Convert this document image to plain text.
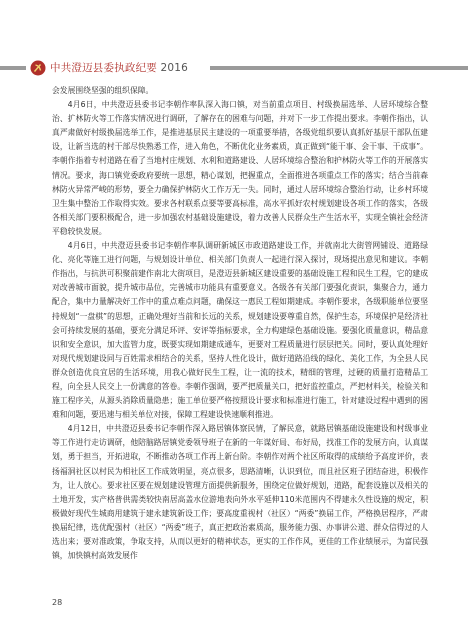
中共澄迈县委执政纪要 2016

会发展围绕坚强的组织保障。

4月6日，中共澄迈县委书记李朝作率队深入海口镇，对当前重点项目、村级换届选举、人居环境综合整治、扩林防火等工作落实情况进行调研，了解存在的困难与问题，并对下一步工作提出要求。李朝作指出，认真严肃做好村级换届选举工作，是推进基层民主建设的一项重要举措，各级党组织要认真抓好基层干部队伍建设，让新当选的村干部尽快熟悉工作，进入角色，不断优化业务素质，真正做到“能干事、会干事、干成事”。李朝作指着专村道路在看了当地村庄规划、水利和道路建设、人居环境综合整治和护林防火等工作的开展落实情况。要求，海口镇党委政府要统一思想，精心谋划，把握重点，全面推进各项重点工作的落实；结合当前森林防火异常严峻的形势，要全力确保护林防火工作万无一失。同时，通过人居环境综合整治行动，让乡村环境卫生集中整治工作取得实效。要求各村联系点要等要高标准，高水平抓好农村规划建设各项工作的落实，各级各相关部门要积极配合，进一步加强农村基础设施建设，着力改善人民群众生产生活水平，实现全镇社会经济平稳较快发展。

4月6日，中共澄迈县委书记李朝作率队调研新城区市政道路建设工作，并就南北大街管网铺设、道路绿化、亮化等施工进行问题，与规划设计单位、相关部门负责人一起进行深入探讨，现场提出意见和建议。李朝作指出，与抗洪可积聚前建作南北大街项目，是澄迈县新城区建设重要的基础设施工程和民生工程，它的建成对改善城市面貌，提升城市品位，完善城市功能具有重要意义。各级各有关部门要强化责识，集聚合力，通力配合，集中力量解决好工作中的重点难点问题，确保这一惠民工程如期建成。李朝作要求，各级职能单位要坚持规划“一盘棋”的思想，正确处理好当前和长远的关系，规划建设要尊重自然，保护生态，环境保护是经济社会可持续发展的基础，要充分满足环评、安评等指标要求，全力构建绿色基础设施。要强化质量意识，精品意识和安全意识，加大监管力度，既要实现如期建成通车，更要对工程质量进行层层把关。同时，要认真处理好对现代规划建设同与百姓需求相结合的关系，坚持人性化设计，做好道路沿线的绿化、美化工作，为全县人民群众创造优良宜居的生活环境，用我心做好民生工程，让一流的技术，精细的管理，过硬的质量打造精品工程，向全县人民交上一份满意的答卷。李朝作强调，要严把质量关口，把好监控重点，严把材料关，检验关和施工程序关，从源头消除质量隐患；施工单位要严格按照设计要求和标准进行施工，针对建设过程中遇到的困难和问题，要迅速与相关单位对接，保障工程建设快速顺利推进。

4月12日，中共澄迈县委书记李朝作深入路居镇体察民情，了解民意，就路居镇基础设施建设和村级事业等工作进行走访调研，他陪脑路居镇党委领导班子在新的一年谋好局、布好局，找准工作的发展方向，认真谋划，勇于担当，开拓进取，不断推动各项工作再上新台阶。李朝作对两个社区所取得的成绩给予高度评价，表扬福洞社区以村民为相社区工作成效明显，亮点很多，思路清晰，认识到位，而且社区班子团结奋进，积极作为，让人放心。要求社区要在规划建设管理方面提供新服务，围绕定位做好规划，道路，配套设施以及相关的土地开发，实产格普供需类较快南居高盖水位游地表向外水平延伸110米范围内不得建永久性设施的规定，积极做好现代生城商用建筑于建永建筑新设工作；要高度重视村（社区）“两委”换届工作，严格换居程序，严肃换届纪律，选优配强村（社区）“两委”班子，真正把政治素质高，服务能力强、办事讲公道、群众信得过的人选出来；要对准政策，争取支持，从而以更好的精神状态，更实的工作作风，更佳的工作业绩展示，为富民强镇，加快镇村高效发展作

28
